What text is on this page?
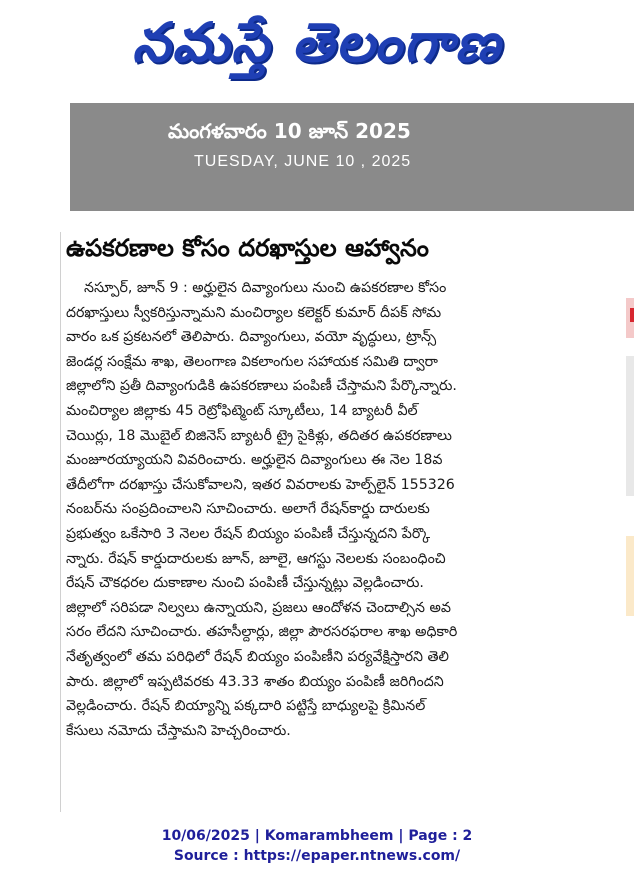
నమస్తే తెలంగాణ
మంగళవారం 10 జూన్ 2025
TUESDAY, JUNE 10 , 2025
ఉపకరణాల కోసం దరఖాస్తుల ఆహ్వానం
నస్పూర్, జూన్ 9 : అర్హులైన దివ్యాంగులు నుంచి ఉపకరణాల కోసం
దరఖాస్తులు స్వీకరిస్తున్నామని మంచిర్యాల కలెక్టర్ కుమార్ దీపక్ సోమ
వారం ఒక ప్రకటనలో తెలిపారు. దివ్యాంగులు, వయో వృద్ధులు, ట్రాన్స్
జెండర్ల సంక్షేమ శాఖ, తెలంగాణ వికలాంగుల సహాయక సమితి ద్వారా
జిల్లాలోని ప్రతీ దివ్యాంగుడికి ఉపకరణాలు పంపిణీ చేస్తామని పేర్కొన్నారు.
మంచిర్యాల జిల్లాకు 45 రెట్రోఫిట్మెంట్ స్కూటీలు, 14 బ్యాటరీ వీల్
చెయిర్లు, 18 మొబైల్ బిజినెస్ బ్యాటరీ ట్రై సైకిళ్లు, తదితర ఉపకరణాలు
మంజూరయ్యాయని వివరించారు. అర్హులైన దివ్యాంగులు ఈ నెల 18వ
తేదీలోగా దరఖాస్తు చేసుకోవాలని, ఇతర వివరాలకు హెల్ప్‌లైన్ 155326
నంబర్‌ను సంప్రదించాలని సూచించారు. అలాగే రేషన్‌కార్డు దారులకు
ప్రభుత్వం ఒకేసారి 3 నెలల రేషన్ బియ్యం పంపిణీ చేస్తున్నదని పేర్కొ
న్నారు. రేషన్ కార్డుదారులకు జూన్, జూలై, ఆగస్టు నెలలకు సంబంధించి
రేషన్ చౌకధరల దుకాణాల నుంచి పంపిణీ చేస్తున్నట్లు వెల్లడించారు.
జిల్లాలో సరిపడా నిల్వలు ఉన్నాయని, ప్రజలు ఆందోళన చెందాల్సిన అవ
సరం లేదని సూచించారు. తహసీల్దార్లు, జిల్లా పౌరసరఫరాల శాఖ అధికారి
నేతృత్వంలో తమ పరిధిలో రేషన్ బియ్యం పంపిణీని పర్యవేక్షిస్తారని తెలి
పారు. జిల్లాలో ఇప్పటివరకు 43.33 శాతం బియ్యం పంపిణీ జరిగిందని
వెల్లడించారు. రేషన్ బియ్యాన్ని పక్కదారి పట్టిస్తే బాధ్యులపై క్రిమినల్
కేసులు నమోదు చేస్తామని హెచ్చరించారు.
10/06/2025 | Komarambheem | Page : 2
Source : https://epaper.ntnews.com/
